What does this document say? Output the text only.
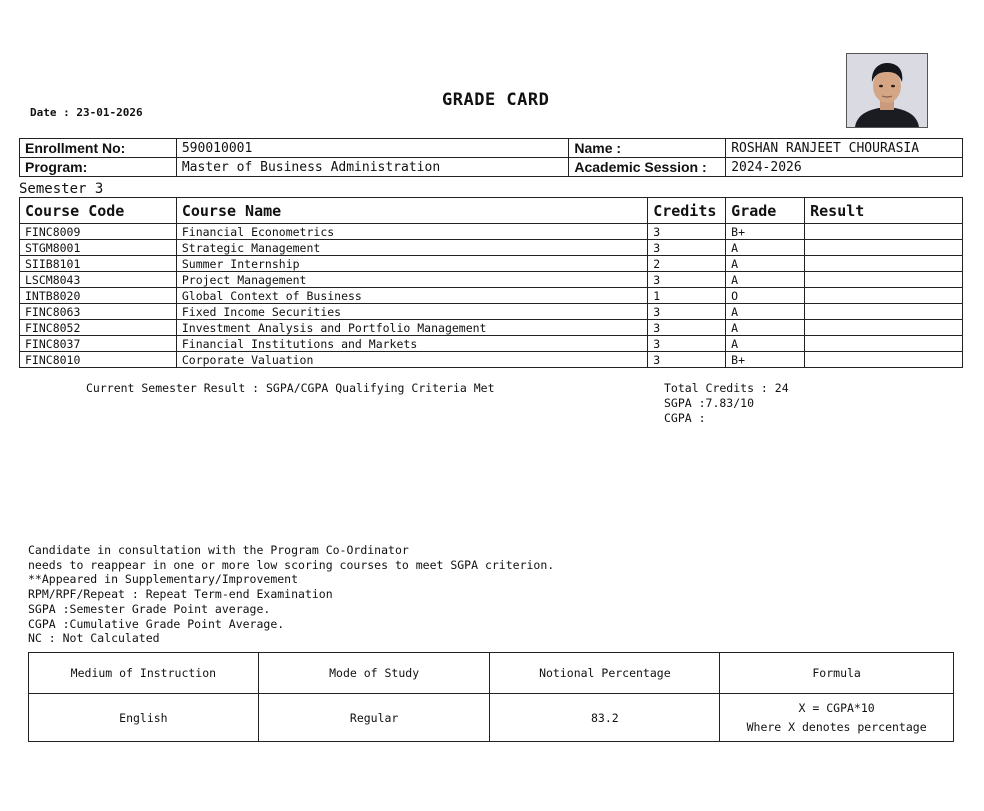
Date : 23-01-2026
GRADE CARD
Enrollment No:	590010001	Name :	ROSHAN RANJEET CHOURASIA
Program:	Master of Business Administration	Academic Session :	2024-2026
Semester 3
Course Code	Course Name	Credits	Grade	Result
FINC8009	Financial Econometrics	3	B+	
STGM8001	Strategic Management	3	A	
SIIB8101	Summer Internship	2	A	
LSCM8043	Project Management	3	A	
INTB8020	Global Context of Business	1	O	
FINC8063	Fixed Income Securities	3	A	
FINC8052	Investment Analysis and Portfolio Management	3	A	
FINC8037	Financial Institutions and Markets	3	A	
FINC8010	Corporate Valuation	3	B+	
Current Semester Result : SGPA/CGPA Qualifying Criteria Met	Total Credits : 24
SGPA :7.83/10
CGPA :
Candidate in consultation with the Program Co-Ordinator
needs to reappear in one or more low scoring courses to meet SGPA criterion.
**Appeared in Supplementary/Improvement
RPM/RPF/Repeat : Repeat Term-end Examination
SGPA :Semester Grade Point average.
CGPA :Cumulative Grade Point Average.
NC : Not Calculated
Medium of Instruction	Mode of Study	Notional Percentage	Formula
English	Regular	83.2	X = CGPA*10
Where X denotes percentage
